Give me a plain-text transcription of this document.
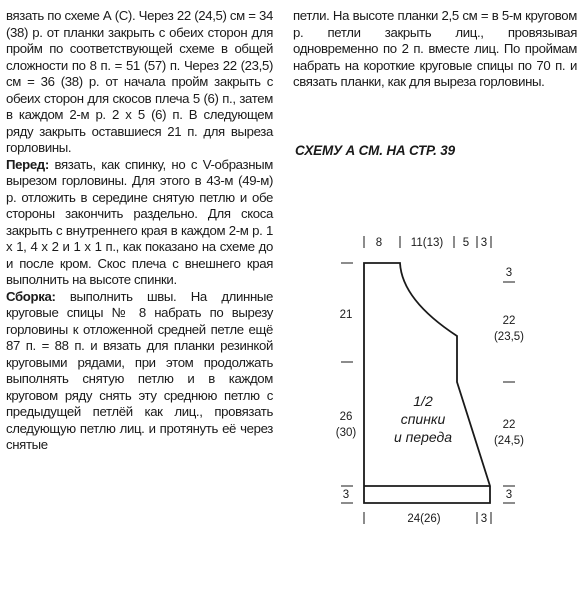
вязать по схеме А (С). Через 22 (24,5) см = 34 (38) р. от планки закрыть с обеих сторон для пройм по соответствующей схеме в общей сложности по 8 п. = 51 (57) п. Через 22 (23,5) см = 36 (38) р. от начала пройм закрыть с обеих сторон для скосов плеча 5 (6) п., затем в каждом 2-м р. 2 х 5 (6) п. В следующем ряду закрыть оставшиеся 21 п. для выреза горловины.

Перед: вязать, как спинку, но с V-образным вырезом горловины. Для этого в 43-м (49-м) р. отложить в середине снятую петлю и обе стороны закончить раздельно. Для скоса закрыть с внутреннего края в каждом 2-м р. 1 х 1, 4 х 2 и 1 х 1 п., как показано на схеме до и после кром. Скос плеча с внешнего края выполнить на высоте спинки.

Сборка: выполнить швы. На длинные круговые спицы № 8 набрать по вырезу горловины к отложенной средней петле ещё 87 п. = 88 п. и вязать для планки резинкой круговыми рядами, при этом продолжать выполнять снятую петлю и в каждом круговом ряду снять эту среднюю петлю с предыдущей петлёй как лиц., провязать следующую петлю лиц. и протянуть её через снятые

петли. На высоте планки 2,5 см = в 5-м круговом р. петли закрыть лиц., провязывая одновременно по 2 п. вместе лиц. По проймам набрать на короткие круговые спицы по 70 п. и связать планки, как для выреза горловины.

СХЕМУ А СМ. НА СТР. 39
8 11(13) 5 3
21
26
(30)
3
3
22
(23,5)
22
(24,5)
3
24(26)	3
1/2
спинки
и переда
